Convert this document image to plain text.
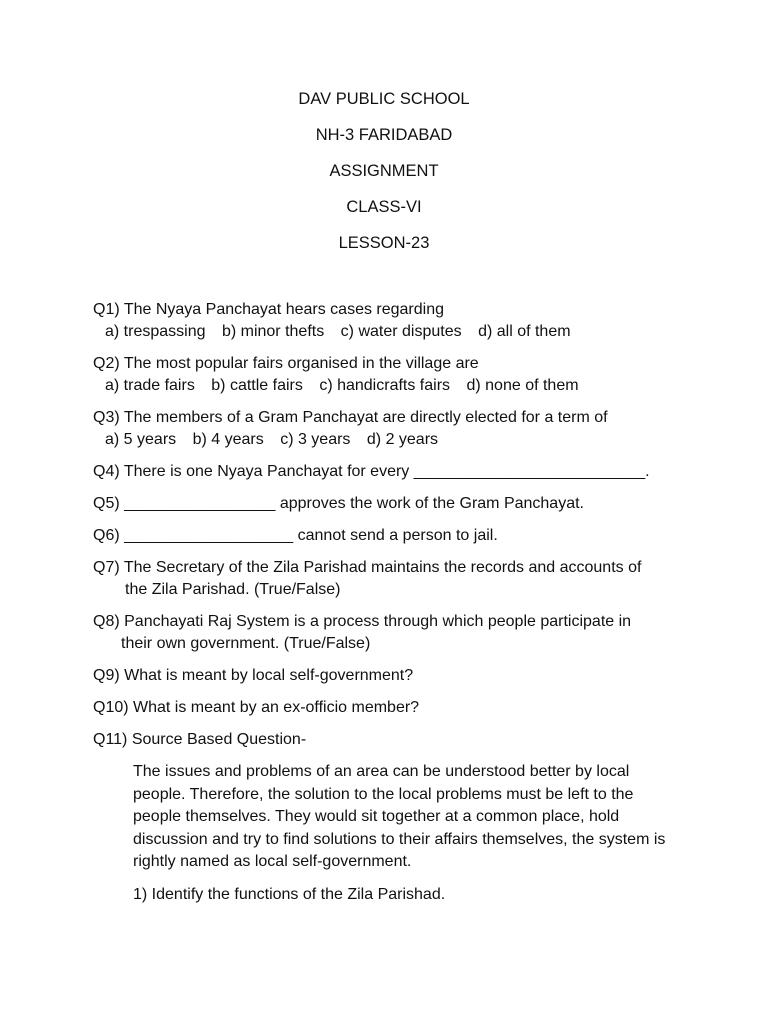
DAV PUBLIC SCHOOL
NH-3 FARIDABAD
ASSIGNMENT
CLASS-VI
LESSON-23
Q1) The Nyaya Panchayat hears cases regarding
a) trespassing b) minor thefts c) water disputes d) all of them
Q2) The most popular fairs organised in the village are
a) trade fairs b) cattle fairs c) handicrafts fairs d) none of them
Q3) The members of a Gram Panchayat are directly elected for a term of
a) 5 years b) 4 years c) 3 years d) 2 years
Q4) There is one Nyaya Panchayat for every __________________________.
Q5) _________________ approves the work of the Gram Panchayat.
Q6) ___________________ cannot send a person to jail.
Q7) The Secretary of the Zila Parishad maintains the records and accounts of
the Zila Parishad. (True/False)
Q8) Panchayati Raj System is a process through which people participate in
their own government. (True/False)
Q9) What is meant by local self-government?
Q10) What is meant by an ex-officio member?
Q11) Source Based Question-
The issues and problems of an area can be understood better by local people. Therefore, the solution to the local problems must be left to the people themselves. They would sit together at a common place, hold discussion and try to find solutions to their affairs themselves, the system is rightly named as local self-government.
1) Identify the functions of the Zila Parishad.
